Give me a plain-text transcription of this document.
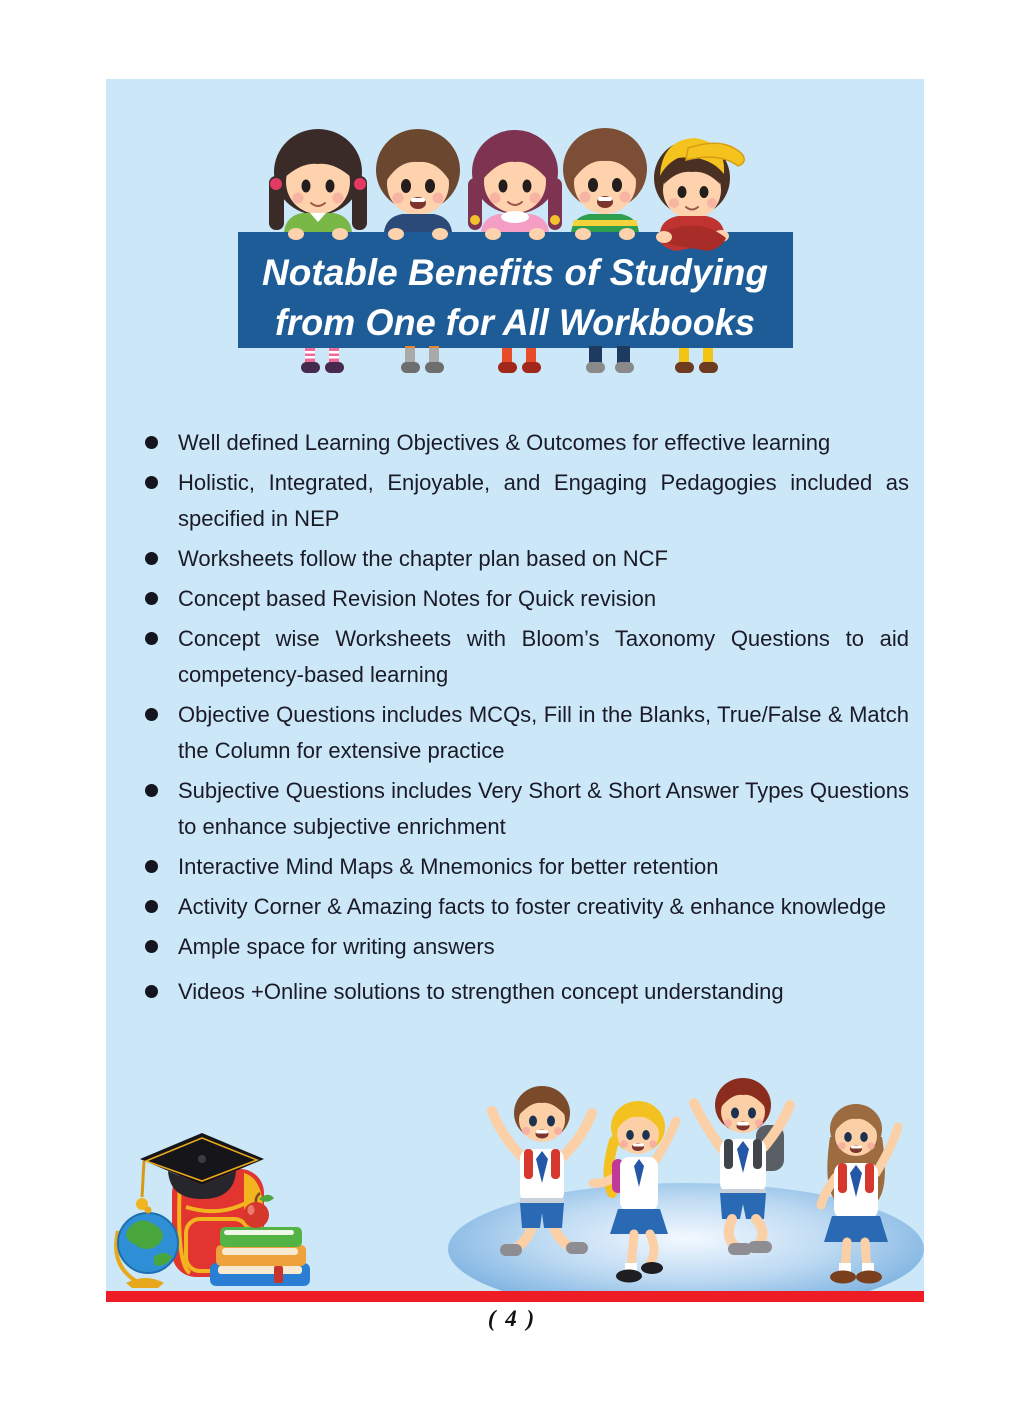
Notable Benefits of Studying
from One for All Workbooks
Well defined Learning Objectives & Outcomes for effective learning
Holistic, Integrated, Enjoyable, and Engaging Pedagogies included as specified in NEP
Worksheets follow the chapter plan based on NCF
Concept based Revision Notes for Quick revision
Concept wise Worksheets with Bloom’s Taxonomy Questions to aid competency-based learning
Objective Questions includes MCQs, Fill in the Blanks, True/False & Match the Column for extensive practice
Subjective Questions includes Very Short & Short Answer Types Questions to enhance subjective enrichment
Interactive Mind Maps & Mnemonics for better retention
Activity Corner & Amazing facts to foster creativity & enhance knowledge
Ample space for writing answers
Videos +Online solutions to strengthen concept understanding
( 4 )
